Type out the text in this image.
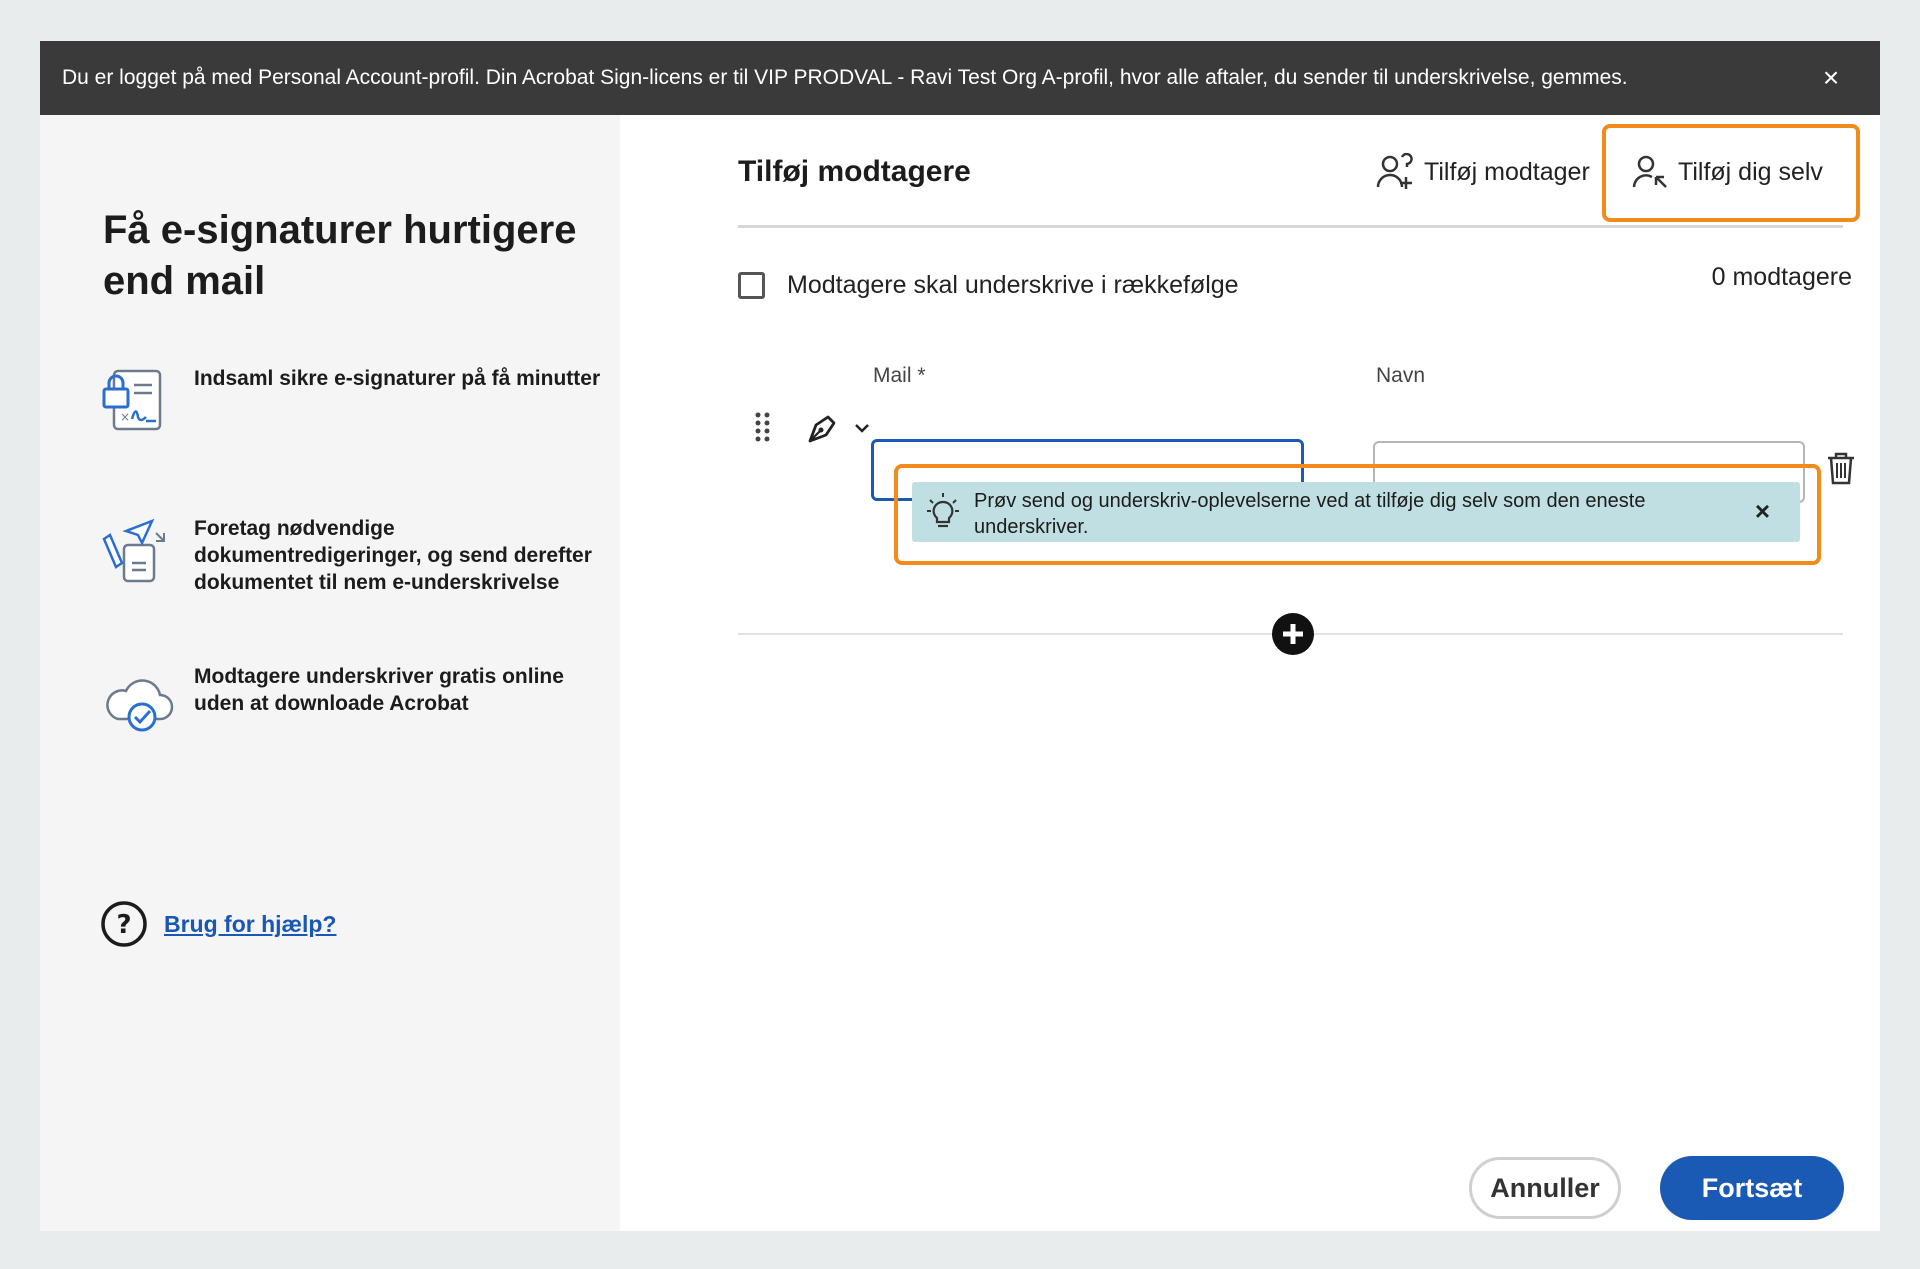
Du er logget på med Personal Account-profil. Din Acrobat Sign-licens er til VIP PRODVAL - Ravi Test Org A-profil, hvor alle aftaler, du sender til underskrivelse, gemmes.	×
Få e-signaturer hurtigere end mail
×
Indsaml sikre e-signaturer på få minutter
Foretag nødvendige dokumentredigeringer, og send derefter dokumentet til nem e-underskrivelse
Modtagere underskriver gratis online uden at downloade Acrobat
? Brug for hjælp?
Tilføj modtagere	Tilføj modtager	Tilføj dig selv
Modtagere skal underskrive i rækkefølge	0 modtagere
Mail *	Navn
Prøv send og underskriv-oplevelserne ved at tilføje dig selv som den eneste underskriver.
×
Annuller	Fortsæt
